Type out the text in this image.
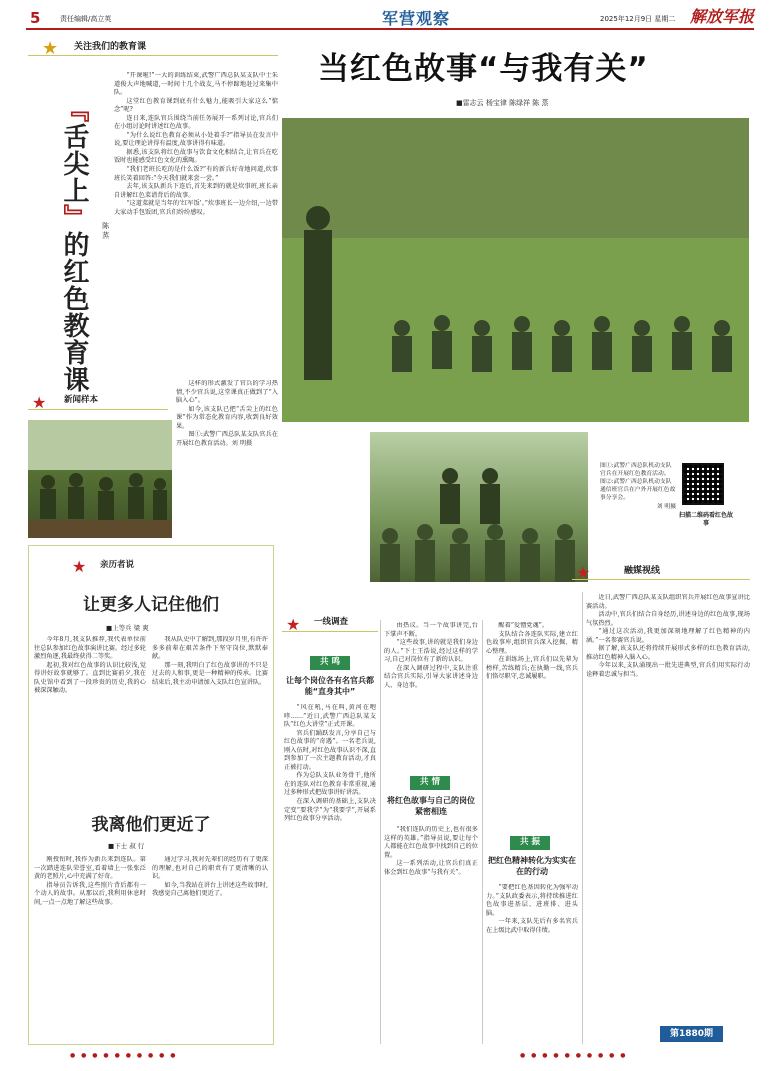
5	责任编辑/高立英	军营观察	2025年12月9日 星期二 解放军报
★ 关注我们的教育课
『舌尖上』的红色教育课
陈 蒸

“开课啦!”一大的训练结束,武警广西总队某支队中士朱道俊大声地喊道,一时间十几个战友,马不停蹄地赶过来集中队。

这堂红色教育课到底有什么魅力,能吸引大家这么“惦念”呢?

连日来,连队官兵围绕当前任务展开一系列讨论,官兵们在小组讨论时讲述红色故事。

“为什么说红色教育必须从小处着手?”指导员在发言中说,要让理论讲得有温度,故事讲得有味道。

据悉,该支队将红色故事与饮食文化相结合,让官兵在吃饭时也能感受红色文化的熏陶。

“我们老班长吃的是什么饭?”有的新兵好奇地问道,炊事班长笑着回答:“今天我们就来尝一尝。”

去年,该支队新兵下连后,首先来到的就是炊事班,班长亲自讲解红色菜谱背后的故事。

“这道菜就是当年的‘红军饭’。”炊事班长一边介绍,一边带大家动手包饭团,官兵们纷纷感叹。

这样的形式激发了官兵的学习热情,不少官兵说,这堂课真正做到了“入脑入心”。

如今,该支队已把“舌尖上的红色课”作为常态化教育内容,收到良好效果。

图①:武警广西总队某支队官兵在开展红色教育活动。刘 明摄

★ 新闻样本
当红色故事“与我有关”
■雷志云 杨宝律 陈绿祥 陈 蒸

图①:武警广西总队机动支队官兵在开展红色教育活动。

图②:武警广西总队机动支队通信班官兵在户外开展红色故事分享会。

刘 明摄

扫描二维码看红色故事
★	融媒视线
★ 亲历者说
让更多人记住他们
■上等兵 梁 爽

今年8月,我支队推荐,我代表单位前往总队参加红色故事演讲比赛。经过多轮激烈角逐,我最终获得二等奖。

起初,我对红色故事的认识比较浅,觉得讲好故事就够了。直到比赛前夕,我在队史馆中看到了一段珍贵的历史,我的心被深深触动。

我从队史中了解到,那段岁月里,有许许多多前辈在艰苦条件下坚守岗位,默默奉献。

那一刻,我明白了红色故事讲的不只是过去的人和事,更是一种精神的传承。比赛结束后,我主动申请加入支队红色宣讲队。

我离他们更近了
■下士 叔 行

刚授衔时,我作为新兵来到连队。第一次踏进连队荣誉室,看着墙上一张张泛黄的老照片,心中充满了好奇。

指导员告诉我,这些照片背后都有一个动人的故事。从那以后,我利用休息时间,一点一点地了解这些故事。

通过学习,我对先辈们的经历有了更深的理解,也对自己的职责有了更清晰的认识。

如今,当我站在讲台上讲述这些故事时,我感觉自己离他们更近了。

★ 一线调查
共 鸣
让每个岗位各有名官兵都能“直身其中”

“风在吼,马在叫,黄河在咆哮……”近日,武警广西总队某支队“红色大讲堂”正式开课。

官兵们踊跃发言,分享自己与红色故事的“奇遇”。一名老兵说,刚入伍时,对红色故事认识不深,直到参加了一次主题教育活动,才真正被打动。

作为总队支队业务骨干,他所在的连队对红色教育非常重视,通过多种形式把故事讲好讲活。

在深入调研的基础上,支队决定变“要我学”为“我要学”,开展系列红色故事分享活动。

由热议。当一个故事讲完,台下掌声不断。

“这些故事,讲的就是我们身边的人。”下士王浩说,经过这样的学习,自己对岗位有了新的认识。

在深入调研过程中,支队注重结合官兵实际,引导大家讲述身边人、身边事。

共 情
将红色故事与自己的岗位紧密相连

“我们连队的历史上,也有很多这样的英雄。”指导员说,要让每个人都能在红色故事中找到自己的位置。

这一系列活动,让官兵们真正体会到红色故事“与我有关”。

醒着“爱憎党魂”。

支队结合各连队实际,建立红色故事库,组织官兵深入挖掘、精心整理。

在训练场上,官兵们以先辈为榜样,苦练精兵;在执勤一线,官兵们恪尽职守,忠诚履职。

共 振
把红色精神转化为实实在在的行动

“要把红色基因转化为强军动力。”支队政委表示,将持续推进红色故事进基层、进班排、进头脑。

一年来,支队先后有多名官兵在上级比武中取得佳绩。

近日,武警广西总队某支队组织官兵开展红色故事宣讲比赛活动。

活动中,官兵们结合自身经历,讲述身边的红色故事,现场气氛热烈。

“通过这次活动,我更加深刻地理解了红色精神的内涵。”一名参赛官兵说。

据了解,该支队还将持续开展形式多样的红色教育活动,推动红色精神入脑入心。

今年以来,支队涌现出一批先进典型,官兵们用实际行动诠释着忠诚与担当。

第1880期
● ● ● ● ● ● ● ● ● ●	● ● ● ● ● ● ● ● ● ●
